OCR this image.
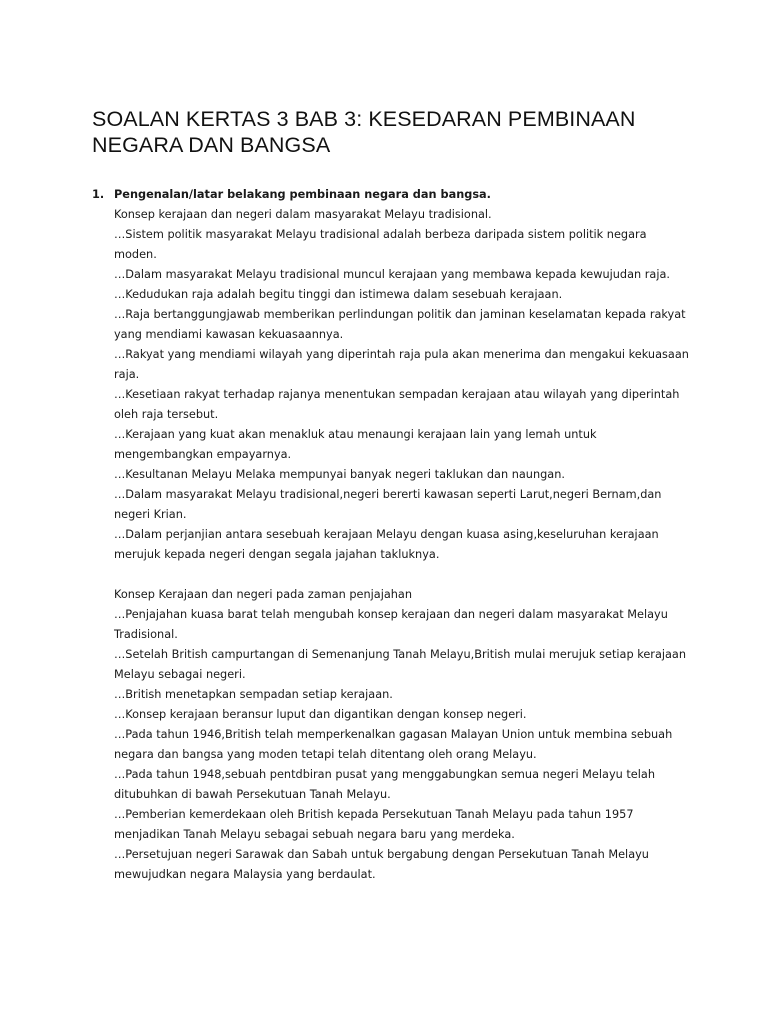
SOALAN KERTAS 3 BAB 3: KESEDARAN PEMBINAAN
NEGARA DAN BANGSA
1. Pengenalan/latar belakang pembinaan negara dan bangsa.
Konsep kerajaan dan negeri dalam masyarakat Melayu tradisional.
…Sistem politik masyarakat Melayu tradisional adalah berbeza daripada sistem politik negara
moden.
…Dalam masyarakat Melayu tradisional muncul kerajaan yang membawa kepada kewujudan raja.
…Kedudukan raja adalah begitu tinggi dan istimewa dalam sesebuah kerajaan.
…Raja bertanggungjawab memberikan perlindungan politik dan jaminan keselamatan kepada rakyat
yang mendiami kawasan kekuasaannya.
…Rakyat yang mendiami wilayah yang diperintah raja pula akan menerima dan mengakui kekuasaan
raja.
…Kesetiaan rakyat terhadap rajanya menentukan sempadan kerajaan atau wilayah yang diperintah
oleh raja tersebut.
…Kerajaan yang kuat akan menakluk atau menaungi kerajaan lain yang lemah untuk
mengembangkan empayarnya.
…Kesultanan Melayu Melaka mempunyai banyak negeri taklukan dan naungan.
…Dalam masyarakat Melayu tradisional,negeri bererti kawasan seperti Larut,negeri Bernam,dan
negeri Krian.
…Dalam perjanjian antara sesebuah kerajaan Melayu dengan kuasa asing,keseluruhan kerajaan
merujuk kepada negeri dengan segala jajahan takluknya.
Konsep Kerajaan dan negeri pada zaman penjajahan
…Penjajahan kuasa barat telah mengubah konsep kerajaan dan negeri dalam masyarakat Melayu
Tradisional.
…Setelah British campurtangan di Semenanjung Tanah Melayu,British mulai merujuk setiap kerajaan
Melayu sebagai negeri.
…British menetapkan sempadan setiap kerajaan.
…Konsep kerajaan beransur luput dan digantikan dengan konsep negeri.
…Pada tahun 1946,British telah memperkenalkan gagasan Malayan Union untuk membina sebuah
negara dan bangsa yang moden tetapi telah ditentang oleh orang Melayu.
…Pada tahun 1948,sebuah pentdbiran pusat yang menggabungkan semua negeri Melayu telah
ditubuhkan di bawah Persekutuan Tanah Melayu.
…Pemberian kemerdekaan oleh British kepada Persekutuan Tanah Melayu pada tahun 1957
menjadikan Tanah Melayu sebagai sebuah negara baru yang merdeka.
…Persetujuan negeri Sarawak dan Sabah untuk bergabung dengan Persekutuan Tanah Melayu
mewujudkan negara Malaysia yang berdaulat.
